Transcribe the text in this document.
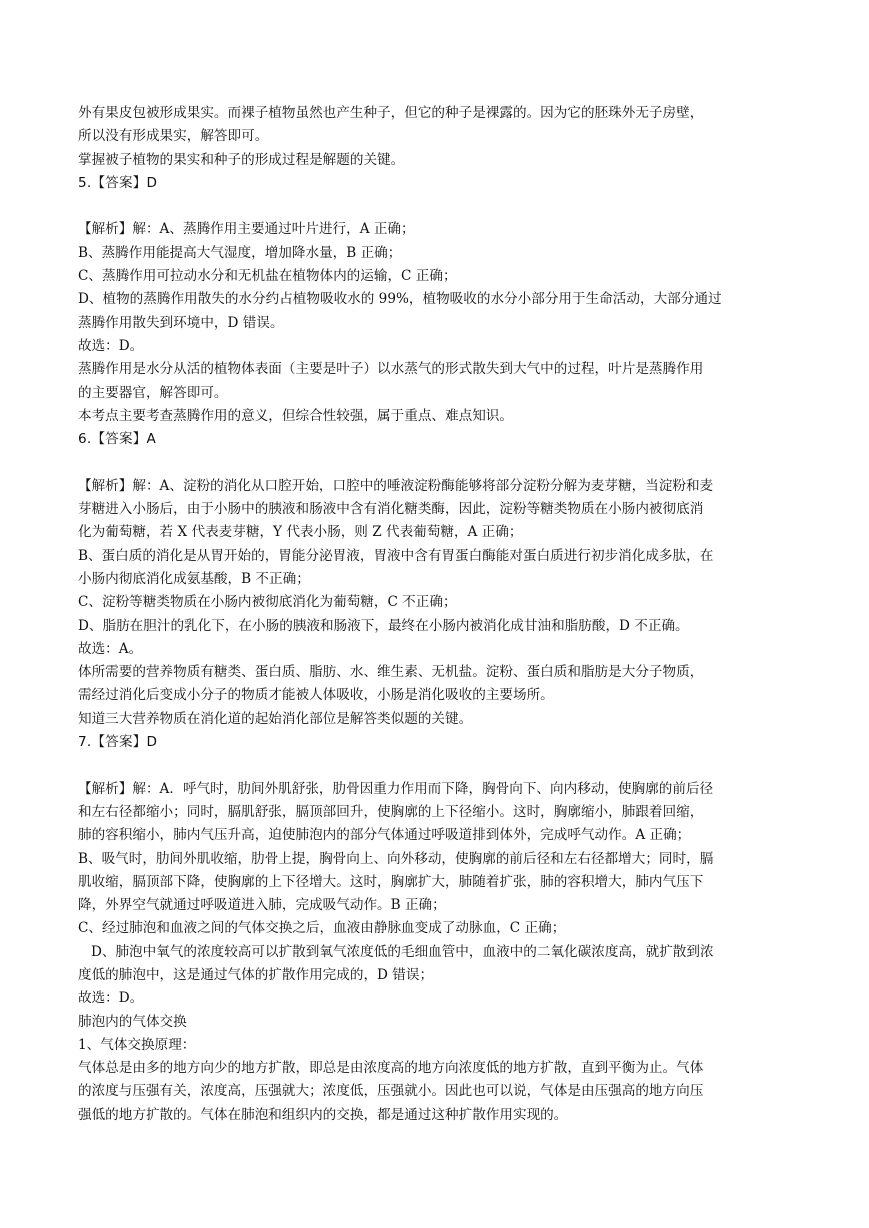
外有果皮包被形成果实。而裸子植物虽然也产生种子，但它的种子是裸露的。因为它的胚珠外无子房壁，

所以没有形成果实，解答即可。

掌握被子植物的果实和种子的形成过程是解题的关键。

5.【答案】D

【解析】解：A、蒸腾作用主要通过叶片进行，A 正确；

B、蒸腾作用能提高大气湿度，增加降水量，B 正确；

C、蒸腾作用可拉动水分和无机盐在植物体内的运输，C 正确；

D、植物的蒸腾作用散失的水分约占植物吸收水的 99%，植物吸收的水分小部分用于生命活动，大部分通过

蒸腾作用散失到环境中，D 错误。

故选：D。

蒸腾作用是水分从活的植物体表面（主要是叶子）以水蒸气的形式散失到大气中的过程，叶片是蒸腾作用

的主要器官，解答即可。

本考点主要考查蒸腾作用的意义，但综合性较强，属于重点、难点知识。

6.【答案】A

【解析】解：A、淀粉的消化从口腔开始，口腔中的唾液淀粉酶能够将部分淀粉分解为麦芽糖，当淀粉和麦

芽糖进入小肠后，由于小肠中的胰液和肠液中含有消化糖类酶，因此，淀粉等糖类物质在小肠内被彻底消

化为葡萄糖，若 X 代表麦芽糖，Y 代表小肠，则 Z 代表葡萄糖，A 正确；

B、蛋白质的消化是从胃开始的，胃能分泌胃液，胃液中含有胃蛋白酶能对蛋白质进行初步消化成多肽，在

小肠内彻底消化成氨基酸，B 不正确；

C、淀粉等糖类物质在小肠内被彻底消化为葡萄糖，C 不正确；

D、脂肪在胆汁的乳化下，在小肠的胰液和肠液下，最终在小肠内被消化成甘油和脂肪酸，D 不正确。

故选：A。

体所需要的营养物质有糖类、蛋白质、脂肪、水、维生素、无机盐。淀粉、蛋白质和脂肪是大分子物质，

需经过消化后变成小分子的物质才能被人体吸收，小肠是消化吸收的主要场所。

知道三大营养物质在消化道的起始消化部位是解答类似题的关键。

7.【答案】D

【解析】解：A．呼气时，肋间外肌舒张，肋骨因重力作用而下降，胸骨向下、向内移动，使胸廓的前后径

和左右径都缩小；同时，膈肌舒张，膈顶部回升，使胸廓的上下径缩小。这时，胸廓缩小，肺跟着回缩，

肺的容积缩小，肺内气压升高，迫使肺泡内的部分气体通过呼吸道排到体外，完成呼气动作。A 正确；

B、吸气时，肋间外肌收缩，肋骨上提，胸骨向上、向外移动，使胸廓的前后径和左右径都增大；同时，膈

肌收缩，膈顶部下降，使胸廓的上下径增大。这时，胸廓扩大，肺随着扩张，肺的容积增大，肺内气压下

降，外界空气就通过呼吸道进入肺，完成吸气动作。B 正确；

C、经过肺泡和血液之间的气体交换之后，血液由静脉血变成了动脉血，C 正确；

D、肺泡中氧气的浓度较高可以扩散到氧气浓度低的毛细血管中，血液中的二氧化碳浓度高，就扩散到浓

度低的肺泡中，这是通过气体的扩散作用完成的，D 错误；

故选：D。

肺泡内的气体交换

1、气体交换原理：

气体总是由多的地方向少的地方扩散，即总是由浓度高的地方向浓度低的地方扩散，直到平衡为止。气体

的浓度与压强有关，浓度高，压强就大；浓度低，压强就小。因此也可以说，气体是由压强高的地方向压

强低的地方扩散的。气体在肺泡和组织内的交换，都是通过这种扩散作用实现的。
